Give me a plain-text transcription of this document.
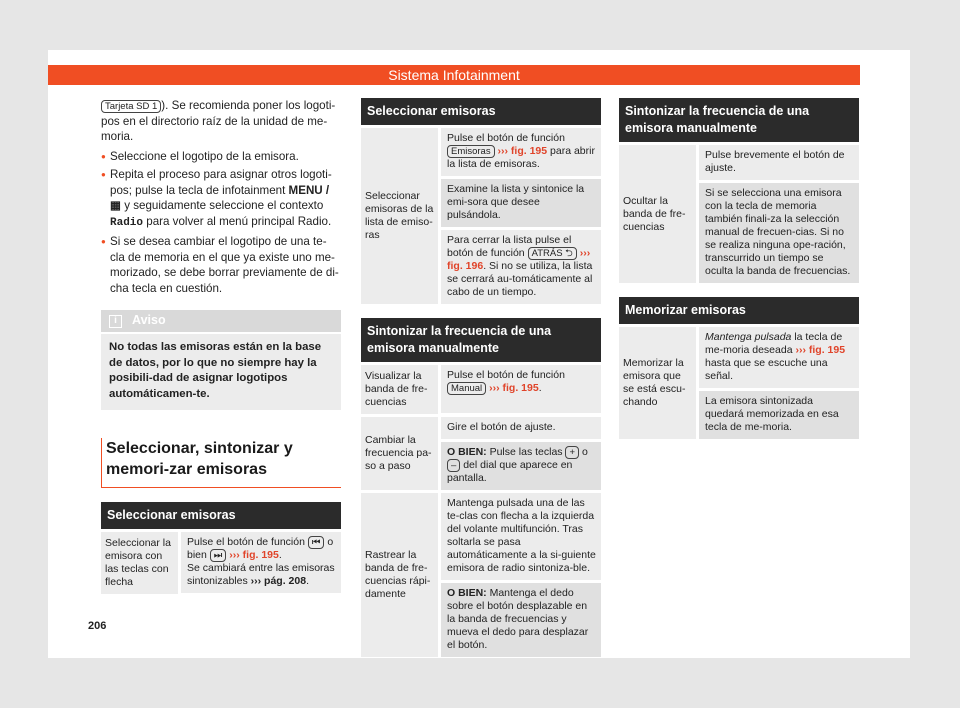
Sistema Infotainment

Tarjeta SD 1 ). Se recomienda poner los logoti-pos en el directorio raíz de la unidad de me-moria.

● Seleccione el logotipo de la emisora.
● Repita el proceso para asignar otros logoti-pos; pulse la tecla de infotainment MENU / ▦ y seguidamente seleccione el contexto Radio para volver al menú principal Radio.
● Si se desea cambiar el logotipo de una te-cla de memoria en el que ya existe uno me-morizado, se debe borrar previamente de di-cha tecla en cuestión.
i	Aviso
No todas las emisoras están en la base de datos, por lo que no siempre hay la posibili-dad de asignar logotipos automáticamen-te.
Seleccionar, sintonizar y memori-zar emisoras
Seleccionar emisoras
Seleccionar la emisora con las teclas con flecha
Pulse el botón de función ⏮ o bien ⏭ ››› fig. 195.
Se cambiará entre las emisoras sintonizables ››› pág. 208.
Seleccionar emisoras
Seleccionar emisoras de la lista de emiso-ras
Pulse el botón de función Emisoras ››› fig. 195 para abrir la lista de emisoras.
Examine la lista y sintonice la emi-sora que desee pulsándola.
Para cerrar la lista pulse el botón de función ATRÁS ⮌ ››› fig. 196. Si no se utiliza, la lista se cerrará au-tomáticamente al cabo de un tiempo.
Sintonizar la frecuencia de una emisora manualmente
Visualizar la banda de fre-cuencias
Pulse el botón de función Manual ››› fig. 195.
Cambiar la frecuencia pa-so a paso
Gire el botón de ajuste.
O BIEN: Pulse las teclas + o – del dial que aparece en pantalla.
Rastrear la banda de fre-cuencias rápi-damente
Mantenga pulsada una de las te-clas con flecha a la izquierda del volante multifunción. Tras soltarla se pasa automáticamente a la si-guiente emisora de radio sintoniza-ble.
O BIEN: Mantenga el dedo sobre el botón desplazable en la banda de frecuencias y mueva el dedo para desplazar el botón.
Sintonizar la frecuencia de una emisora manualmente
Ocultar la banda de fre-cuencias
Pulse brevemente el botón de ajuste.
Si se selecciona una emisora con la tecla de memoria también finali-za la selección manual de frecuen-cias. Si no se realiza ninguna ope-ración, transcurrido un tiempo se oculta la banda de frecuencias.
Memorizar emisoras
Memorizar la emisora que se está escu-chando
Mantenga pulsada la tecla de me-moria deseada ››› fig. 195 hasta que se escuche una señal.
La emisora sintonizada quedará memorizada en esa tecla de me-moria.
206
